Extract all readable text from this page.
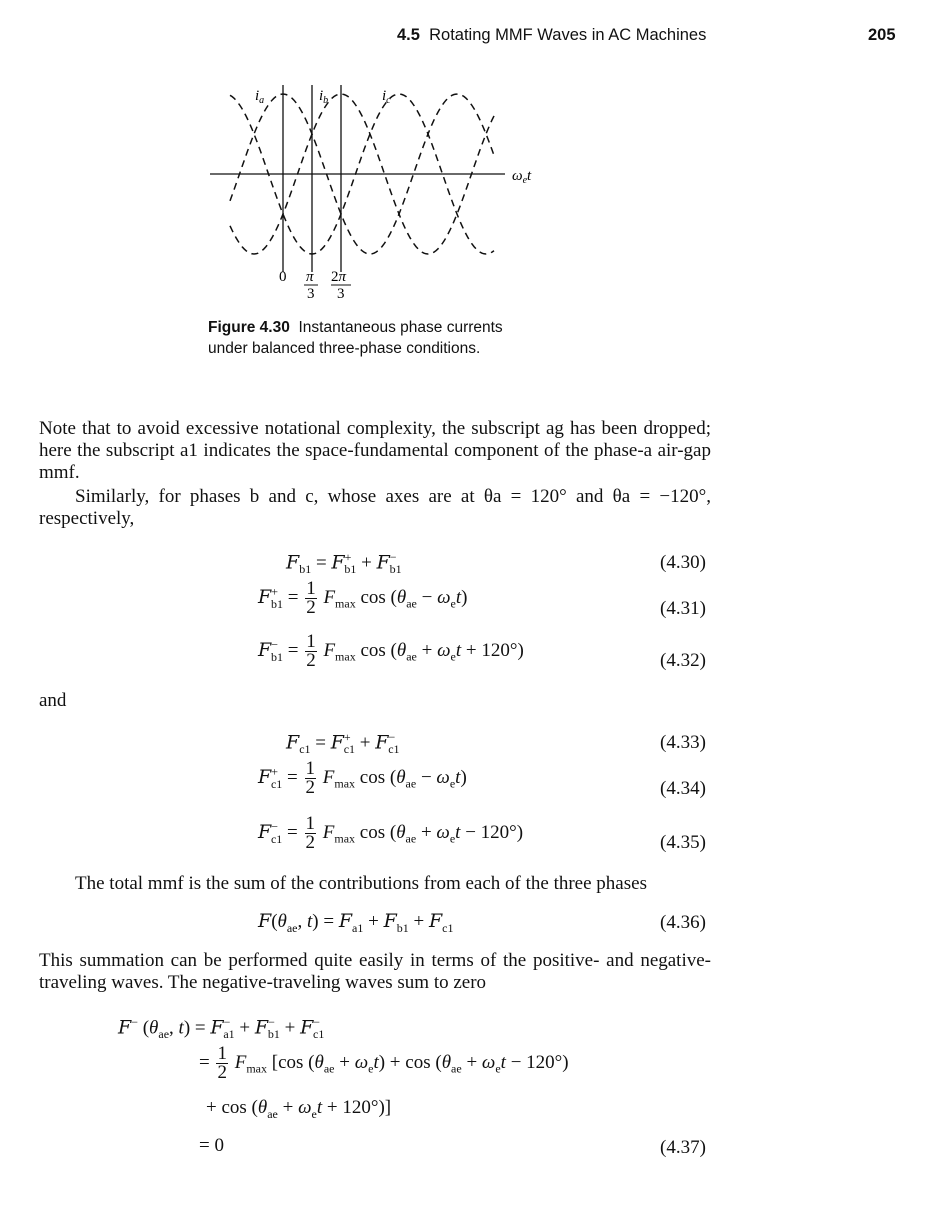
4.5 Rotating MMF Waves in AC Machines	205
$i_a$	$i_b$	$i_c$
$\omega_et$
0 π
3
2π
3
Figure 4.30 Instantaneous phase currents under balanced three-phase conditions.
Note that to avoid excessive notational complexity, the subscript ag has been dropped; here the subscript a1 indicates the space-fundamental component of the phase-a air-gap mmf.
Similarly, for phases b and c, whose axes are at θa = 120° and θa = −120°, respectively,
$F_{b1} = F^+_{b1} + F^-_{b1}$	(4.30)
$F^+_{b1} = \frac{1}{2} F_{max}$ $\cos (\theta_{ae} - \omega_et)$
(4.31)
$F^-_{b1} = \frac{1}{2} F_{max}$ $\cos (\theta_{ae} + \omega_et + 120^\circ)$	(4.32)
and
$F_{c1} = F^+_{c1} + F^-_{c1}$	(4.33)
$F^+_{c1} = \frac{1}{2} F_{max}$ $\cos (\theta_{ae} - \omega_et)$
(4.34)
$F^-_{c1} = \frac{1}{2} F_{max}$ $\cos (\theta_{ae} + \omega_et - 120^\circ)$	(4.35)
The total mmf is the sum of the contributions from each of the three phases
$F(\theta_{ae}$, $t) = F_{a1} + F_{b1} + F_{c1}$	(4.36)
This summation can be performed quite easily in terms of the positive- and negative-traveling waves. The negative-traveling waves sum to zero
F− ($\theta_{ae}$, $t) = F^-_{a1} + F^-_{b1} + F^-_{c1}$
= $\frac{1}{2} F_{max}$ [cos $(\theta_{ae} + \omega_et) + \cos (\theta_{ae} + \omega_et - 120^\circ)$
+ $\cos (\theta_{ae} + \omega_et + 120^\circ)$]
= 0	(4.37)
